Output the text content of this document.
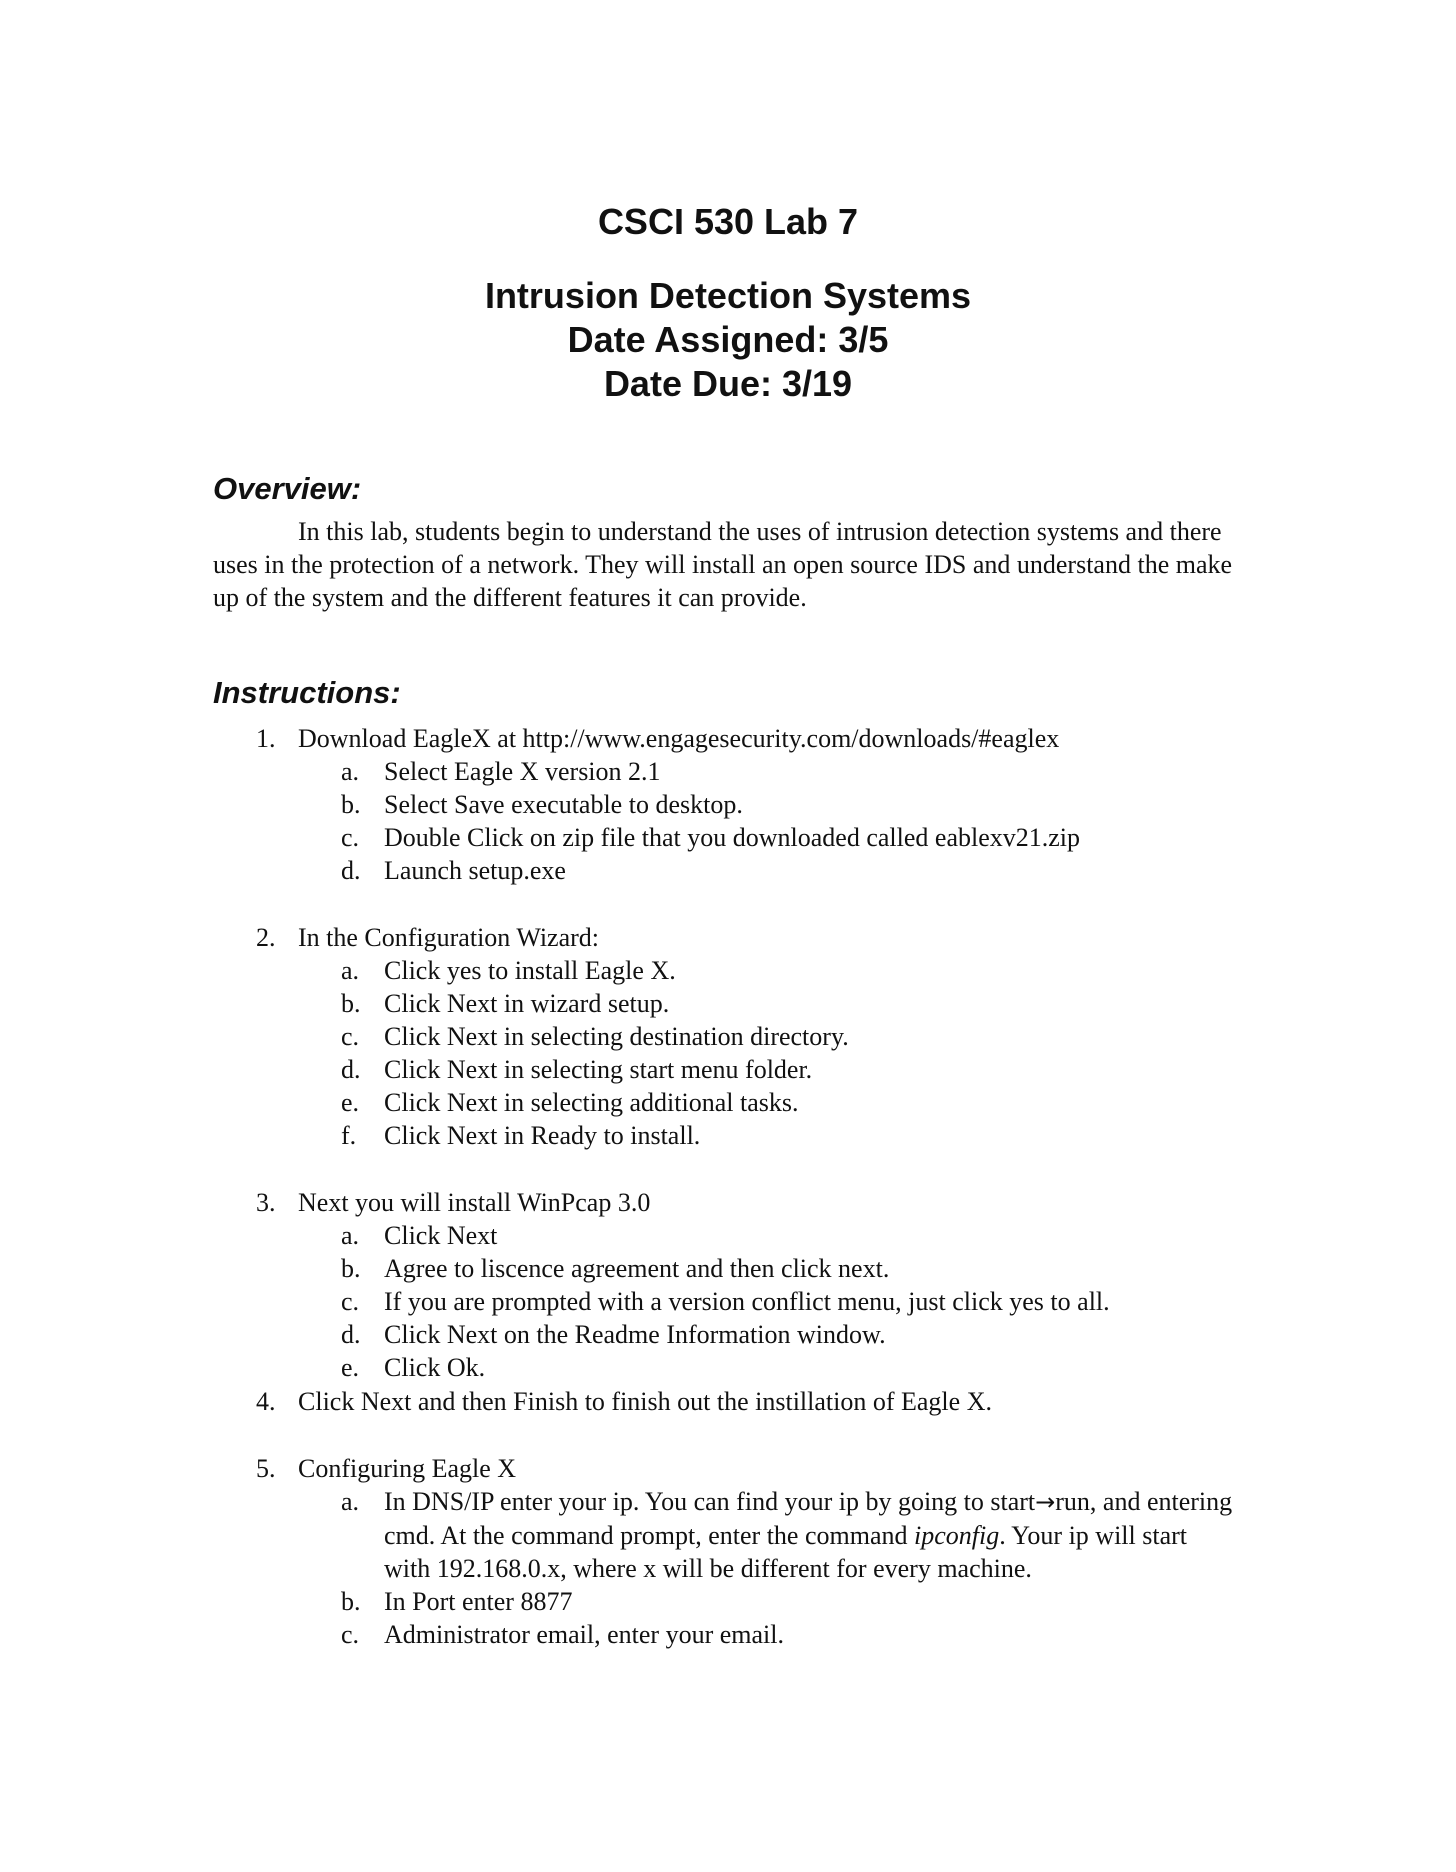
CSCI 530 Lab 7
Intrusion Detection Systems
Date Assigned: 3/5
Date Due: 3/19
Overview:
In this lab, students begin to understand the uses of intrusion detection systems and there uses in the protection of a network. They will install an open source IDS and understand the make up of the system and the different features it can provide.
Instructions:
1. Download EagleX at http://www.engagesecurity.com/downloads/#eaglex
a. Select Eagle X version 2.1
b. Select Save executable to desktop.
c. Double Click on zip file that you downloaded called eablexv21.zip
d. Launch setup.exe
2. In the Configuration Wizard:
a. Click yes to install Eagle X.
b. Click Next in wizard setup.
c. Click Next in selecting destination directory.
d. Click Next in selecting start menu folder.
e. Click Next in selecting additional tasks.
f.	Click Next in Ready to install.
3. Next you will install WinPcap 3.0
a. Click Next
b. Agree to liscence agreement and then click next.
c. If you are prompted with a version conflict menu, just click yes to all.
d. Click Next on the Readme Information window.
e. Click Ok.
4. Click Next and then Finish to finish out the instillation of Eagle X.
5. Configuring Eagle X
a. In DNS/IP enter your ip. You can find your ip by going to start→run, and entering cmd. At the command prompt, enter the command ipconfig. Your ip will start with 192.168.0.x, where x will be different for every machine.
b. In Port enter 8877
c. Administrator email, enter your email.
